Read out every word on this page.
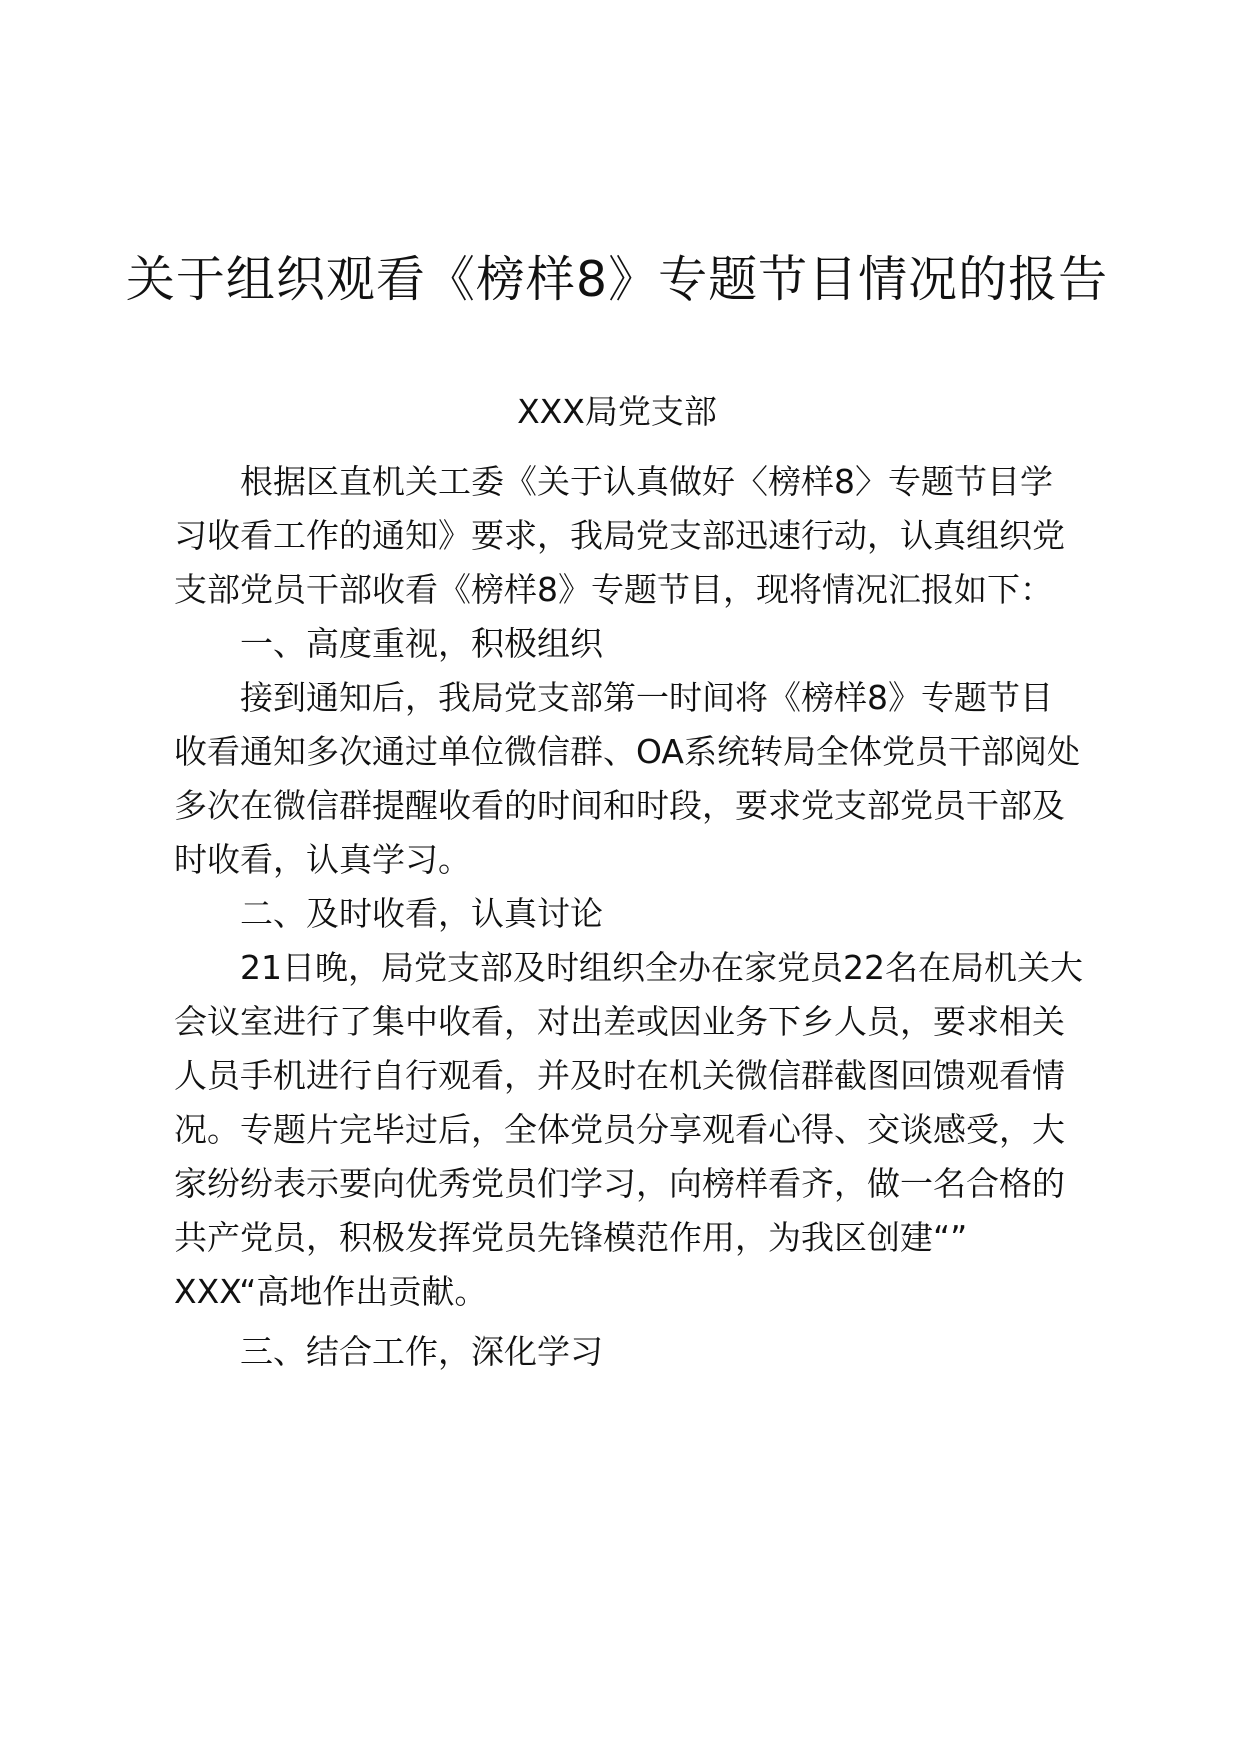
关于组织观看《榜样8》专题节目情况的报告
XXX局党支部
根据区直机关工委《关于认真做好〈榜样8〉专题节目学
习收看工作的通知》要求，我局党支部迅速行动，认真组织党
支部党员干部收看《榜样8》专题节目，现将情况汇报如下：
一、高度重视，积极组织
接到通知后，我局党支部第一时间将《榜样8》专题节目
收看通知多次通过单位微信群、OA系统转局全体党员干部阅处
多次在微信群提醒收看的时间和时段，要求党支部党员干部及
时收看，认真学习。
二、及时收看，认真讨论
21日晚，局党支部及时组织全办在家党员22名在局机关大
会议室进行了集中收看，对出差或因业务下乡人员，要求相关
人员手机进行自行观看，并及时在机关微信群截图回馈观看情
况。专题片完毕过后，全体党员分享观看心得、交谈感受，大
家纷纷表示要向优秀党员们学习，向榜样看齐，做一名合格的
共产党员，积极发挥党员先锋模范作用，为我区创建“”
XXX“高地作出贡献。
三、结合工作，深化学习
